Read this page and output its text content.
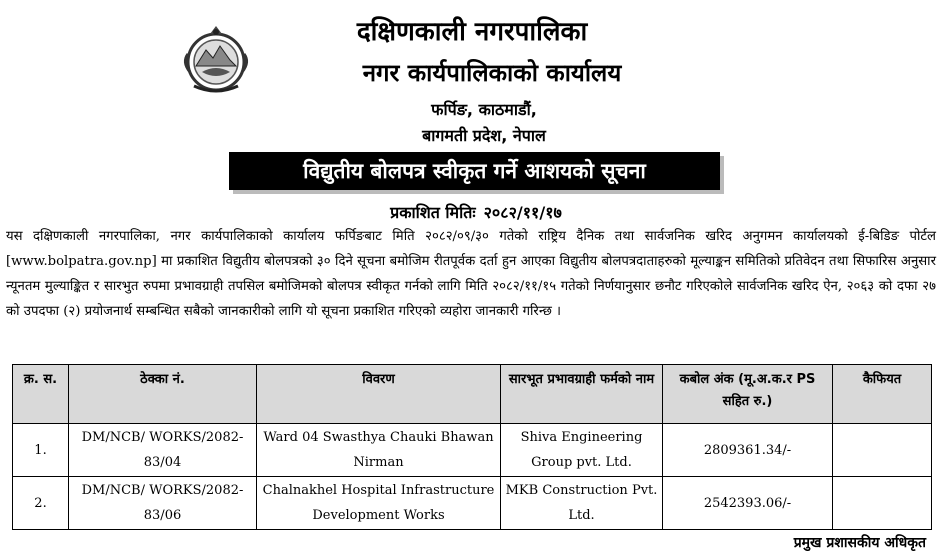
दक्षिणकाली नगरपालिका
नगर कार्यपालिकाको कार्यालय
फर्पिङ, काठमाडौं,
बागमती प्रदेश, नेपाल
विद्युतीय बोलपत्र स्वीकृत गर्ने आशयको सूचना
प्रकाशित मितिः २०८२/११/१७

यस दक्षिणकाली नगरपालिका, नगर कार्यपालिकाको कार्यालय फर्पिङबाट मिति २०८२/०९/३० गतेको राष्ट्रिय दैनिक तथा सार्वजनिक खरिद अनुगमन कार्यालयको ई-बिडिङ पोर्टल [www.bolpatra.gov.np] मा प्रकाशित विद्युतीय बोलपत्रको ३० दिने सूचना बमोजिम रीतपूर्वक दर्ता हुन आएका विद्युतीय बोलपत्रदाताहरुको मूल्याङ्कन समितिको प्रतिवेदन तथा सिफारिस अनुसार न्यूनतम मुल्याङ्कित र सारभुत रुपमा प्रभावग्राही तपसिल बमोजिमको बोलपत्र स्वीकृत गर्नको लागि मिति २०८२/११/१५ गतेको निर्णयानुसार छनौट गरिएकोले सार्वजनिक खरिद ऐन, २०६३ को दफा २७ को उपदफा (२) प्रयोजनार्थ सम्बन्धित सबैको जानकारीको लागि यो सूचना प्रकाशित गरिएको व्यहोरा जानकारी गरिन्छ ।

क्र. स.	ठेक्का नं.	विवरण	सारभूत प्रभावग्राही फर्मको नाम	कबोल अंक (मू.अ.क.र PS सहित रु.)	कैफियत
1.	DM/NCB/ WORKS/2082-83/04	Ward 04 Swasthya Chauki Bhawan Nirman	Shiva Engineering Group pvt. Ltd.	2809361.34/-	
2.	DM/NCB/ WORKS/2082-83/06	Chalnakhel Hospital Infrastructure Development Works	MKB Construction Pvt. Ltd.	2542393.06/-	
प्रमुख प्रशासकीय अधिकृत
